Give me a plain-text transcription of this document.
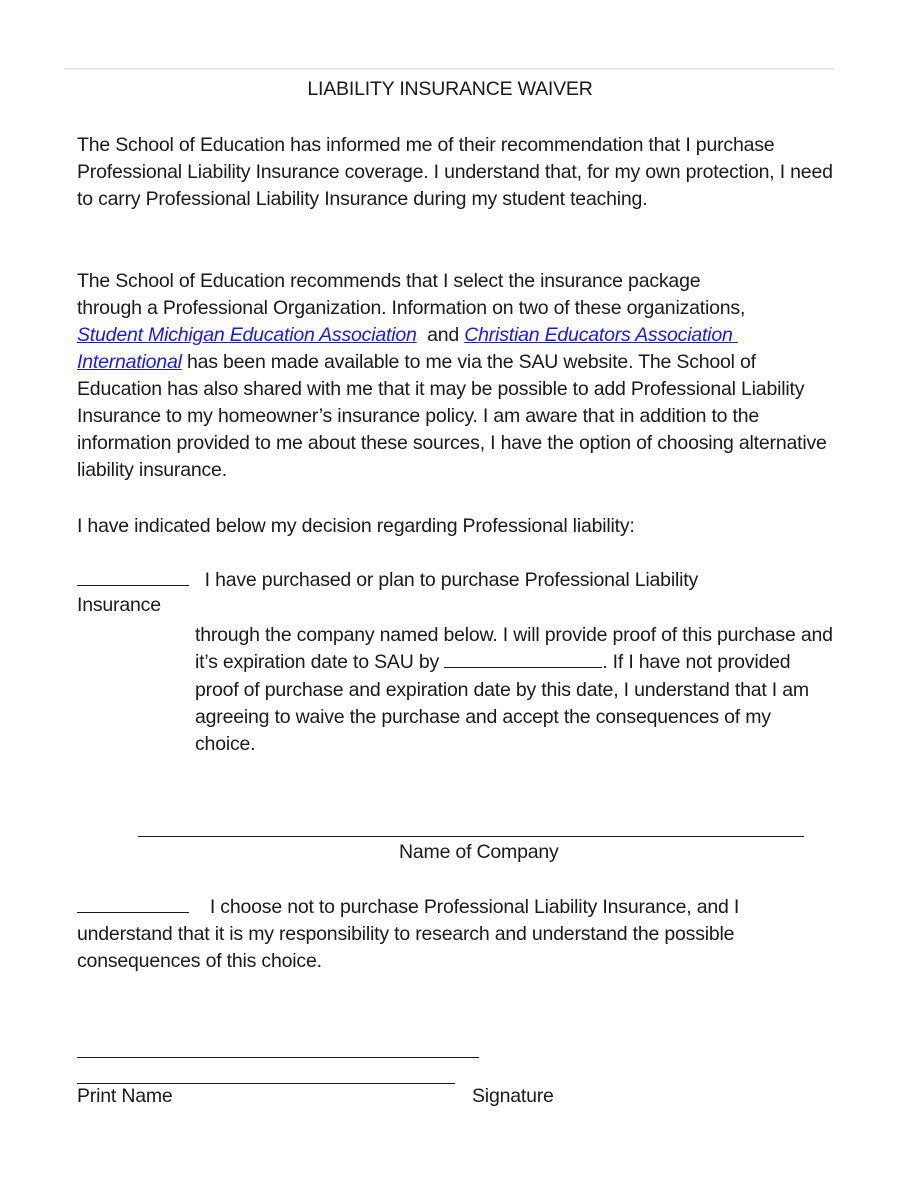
LIABILITY INSURANCE WAIVER
The School of Education has informed me of their recommendation that I purchase Professional Liability Insurance coverage. I understand that, for my own protection, I need to carry Professional Liability Insurance during my student teaching.
The School of Education recommends that I select the insurance package
through a Professional Organization. Information on two of these organizations,
Student Michigan Education Association and Christian Educators Association
International has been made available to me via the SAU website. The School of Education has also shared with me that it may be possible to add Professional Liability Insurance to my homeowner’s insurance policy. I am aware that in addition to the information provided to me about these sources, I have the option of choosing alternative liability insurance.
I have indicated below my decision regarding Professional liability:
I have purchased or plan to purchase Professional Liability
Insurance
through the company named below. I will provide proof of this purchase and it’s expiration date to SAU by	. If I have not provided proof of purchase and expiration date by this date, I understand that I am agreeing to waive the purchase and accept the consequences of my choice.
Name of Company
I choose not to purchase Professional Liability Insurance, and I understand that it is my responsibility to research and understand the possible consequences of this choice.
Print Name	Signature
